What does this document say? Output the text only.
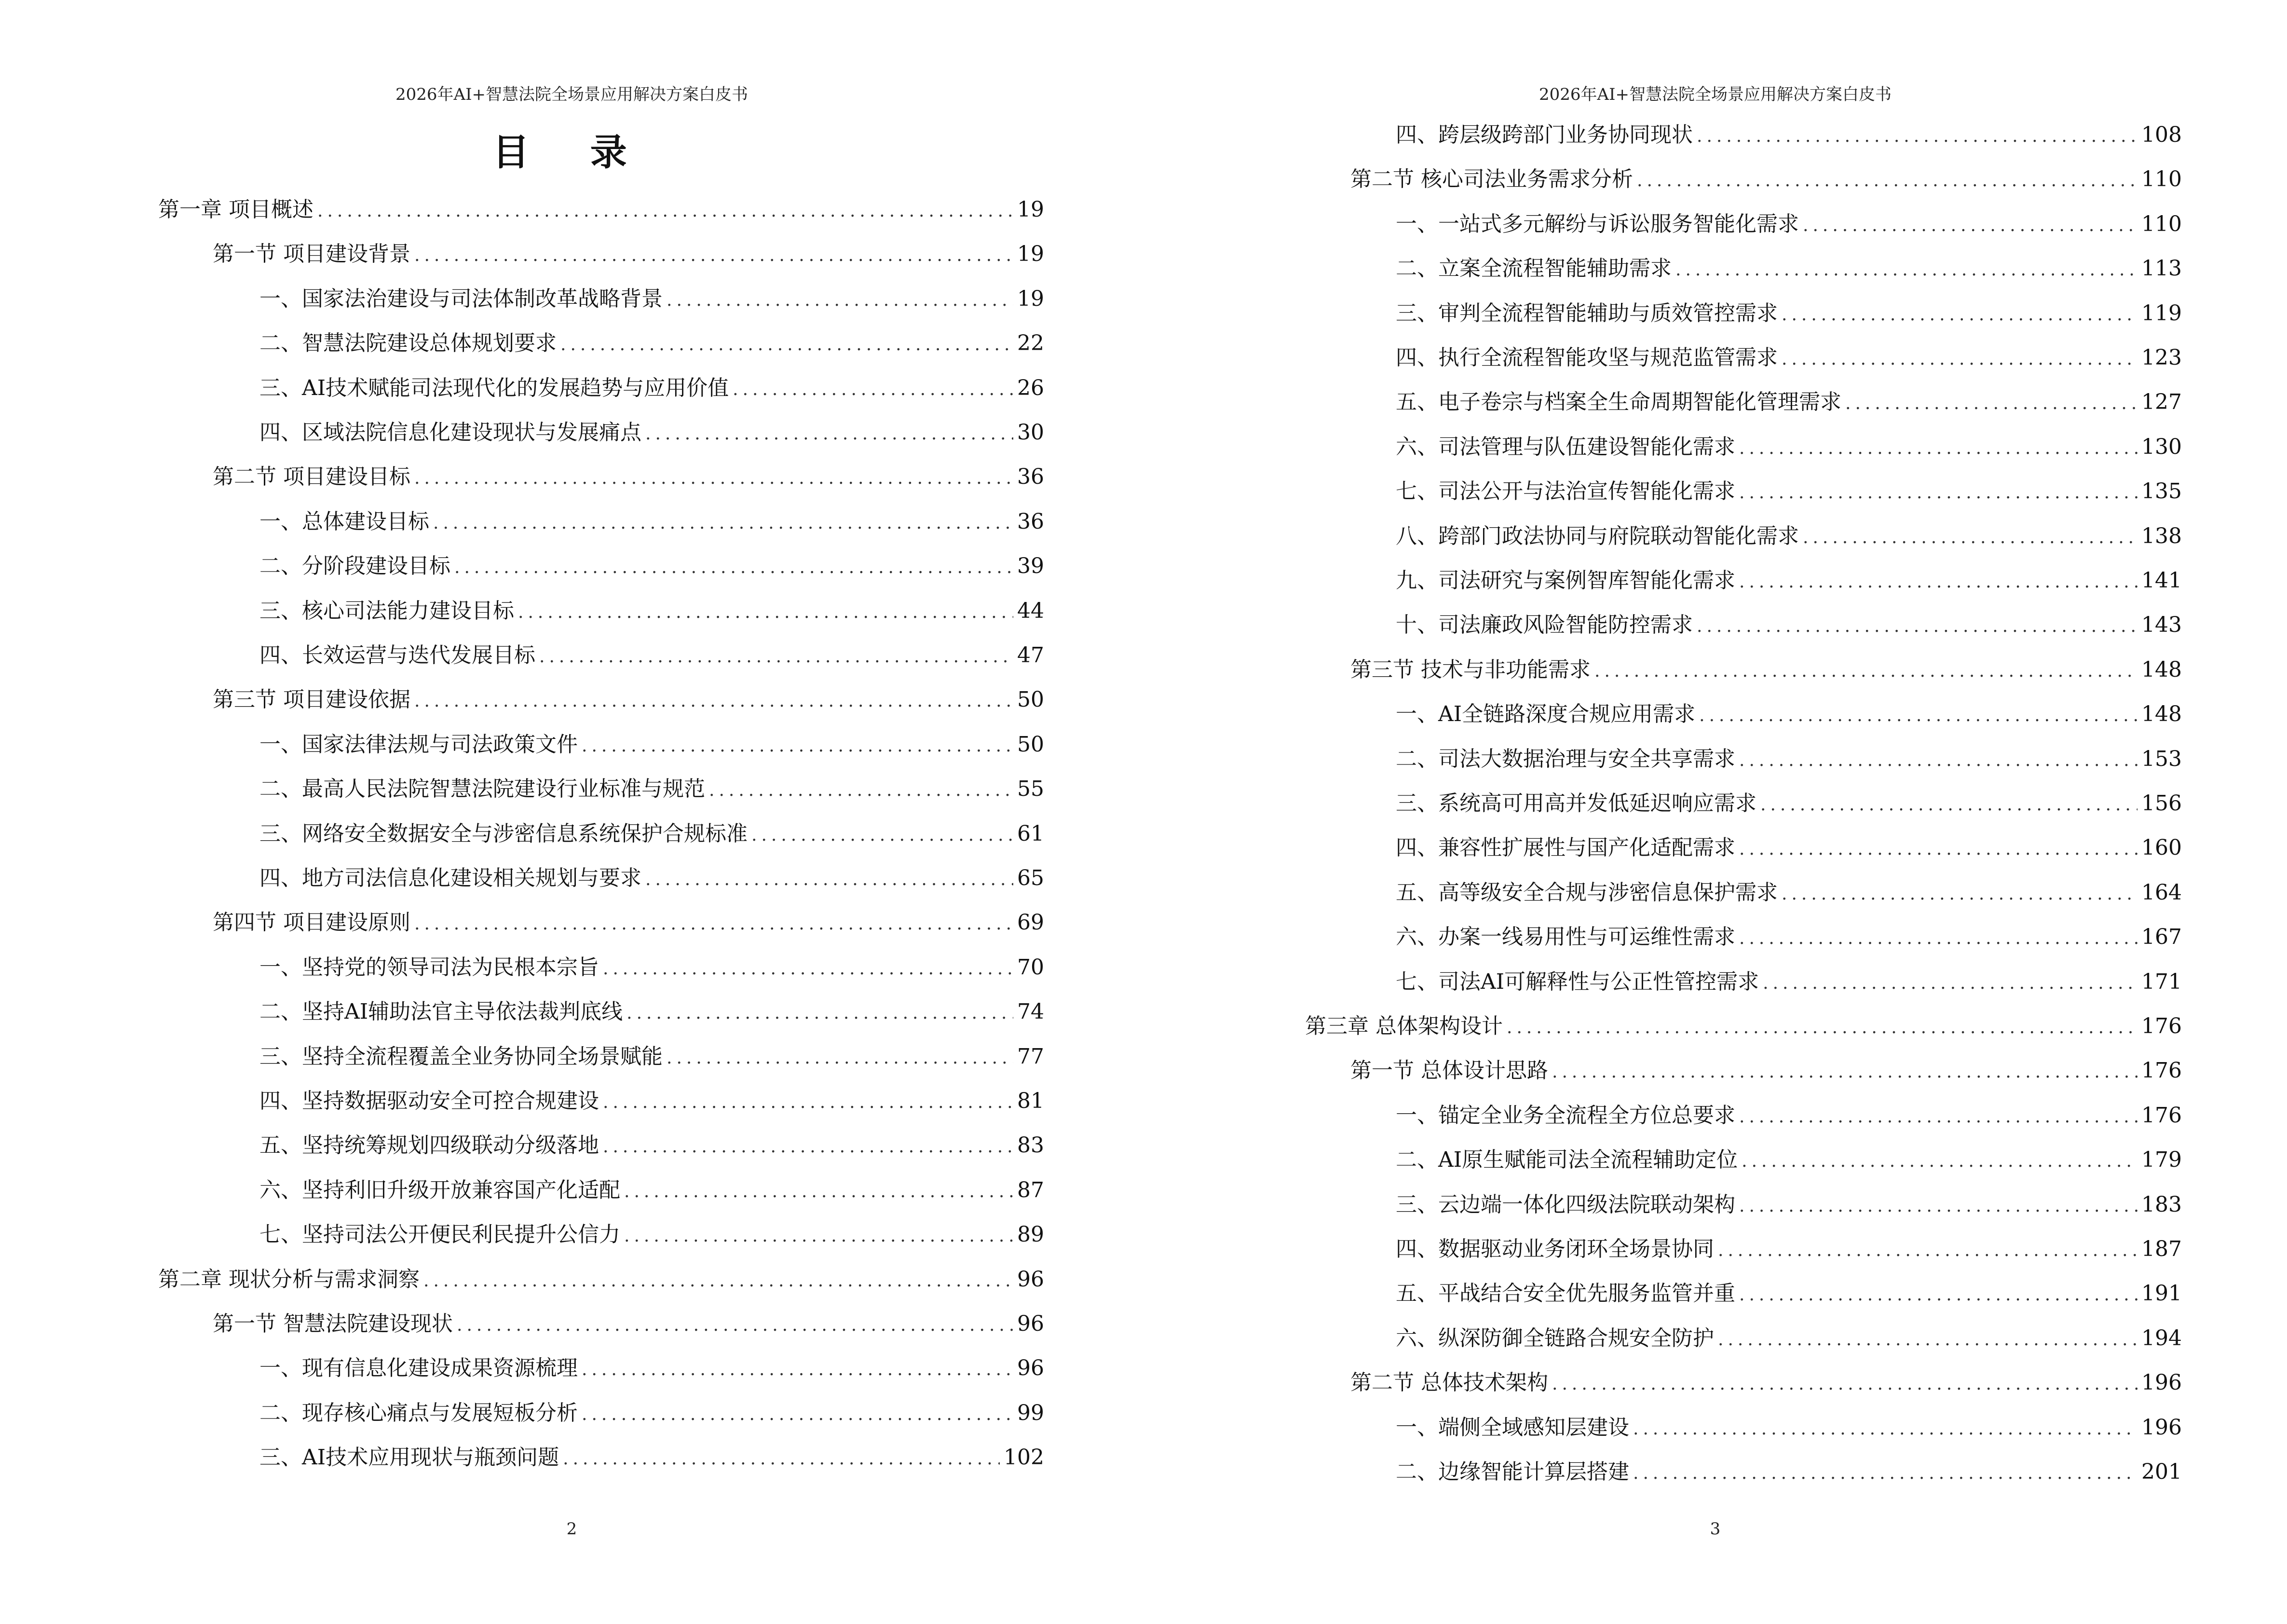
2026年AI+智慧法院全场景应用解决方案白皮书
目 录
第一章 项目概述 .....	19
第一节 项目建设背景 .....	19
一、国家法治建设与司法体制改革战略背景 .....	19
二、智慧法院建设总体规划要求 .....	22
三、AI技术赋能司法现代化的发展趋势与应用价值 .....	26
四、区域法院信息化建设现状与发展痛点 .....	30
第二节 项目建设目标 .....	36
一、总体建设目标 .....	36
二、分阶段建设目标 .....	39
三、核心司法能力建设目标 .....	44
四、长效运营与迭代发展目标 .....	47
第三节 项目建设依据 .....	50
一、国家法律法规与司法政策文件 .....	50
二、最高人民法院智慧法院建设行业标准与规范 .....	55
三、网络安全数据安全与涉密信息系统保护合规标准 .....	61
四、地方司法信息化建设相关规划与要求 .....	65
第四节 项目建设原则 .....	69
一、坚持党的领导司法为民根本宗旨 .....	70
二、坚持AI辅助法官主导依法裁判底线 .....	74
三、坚持全流程覆盖全业务协同全场景赋能 .....	77
四、坚持数据驱动安全可控合规建设 .....	81
五、坚持统筹规划四级联动分级落地 .....	83
六、坚持利旧升级开放兼容国产化适配 .....	87
七、坚持司法公开便民利民提升公信力 .....	89
第二章 现状分析与需求洞察 .....	96
第一节 智慧法院建设现状 .....	96
一、现有信息化建设成果资源梳理 .....	96
二、现存核心痛点与发展短板分析 .....	99
三、AI技术应用现状与瓶颈问题 .....	102
2
2026年AI+智慧法院全场景应用解决方案白皮书
四、跨层级跨部门业务协同现状 .....	108
第二节 核心司法业务需求分析 .....	110
一、一站式多元解纷与诉讼服务智能化需求 .....	110
二、立案全流程智能辅助需求 .....	113
三、审判全流程智能辅助与质效管控需求 .....	119
四、执行全流程智能攻坚与规范监管需求 .....	123
五、电子卷宗与档案全生命周期智能化管理需求 .....	127
六、司法管理与队伍建设智能化需求 .....	130
七、司法公开与法治宣传智能化需求 .....	135
八、跨部门政法协同与府院联动智能化需求 .....	138
九、司法研究与案例智库智能化需求 .....	141
十、司法廉政风险智能防控需求 .....	143
第三节 技术与非功能需求 .....	148
一、AI全链路深度合规应用需求 .....	148
二、司法大数据治理与安全共享需求 .....	153
三、系统高可用高并发低延迟响应需求 .....	156
四、兼容性扩展性与国产化适配需求 .....	160
五、高等级安全合规与涉密信息保护需求 .....	164
六、办案一线易用性与可运维性需求 .....	167
七、司法AI可解释性与公正性管控需求 .....	171
第三章 总体架构设计 .....	176
第一节 总体设计思路 .....	176
一、锚定全业务全流程全方位总要求 .....	176
二、AI原生赋能司法全流程辅助定位 .....	179
三、云边端一体化四级法院联动架构 .....	183
四、数据驱动业务闭环全场景协同 .....	187
五、平战结合安全优先服务监管并重 .....	191
六、纵深防御全链路合规安全防护 .....	194
第二节 总体技术架构 .....	196
一、端侧全域感知层建设 .....	196
二、边缘智能计算层搭建 .....	201
3
